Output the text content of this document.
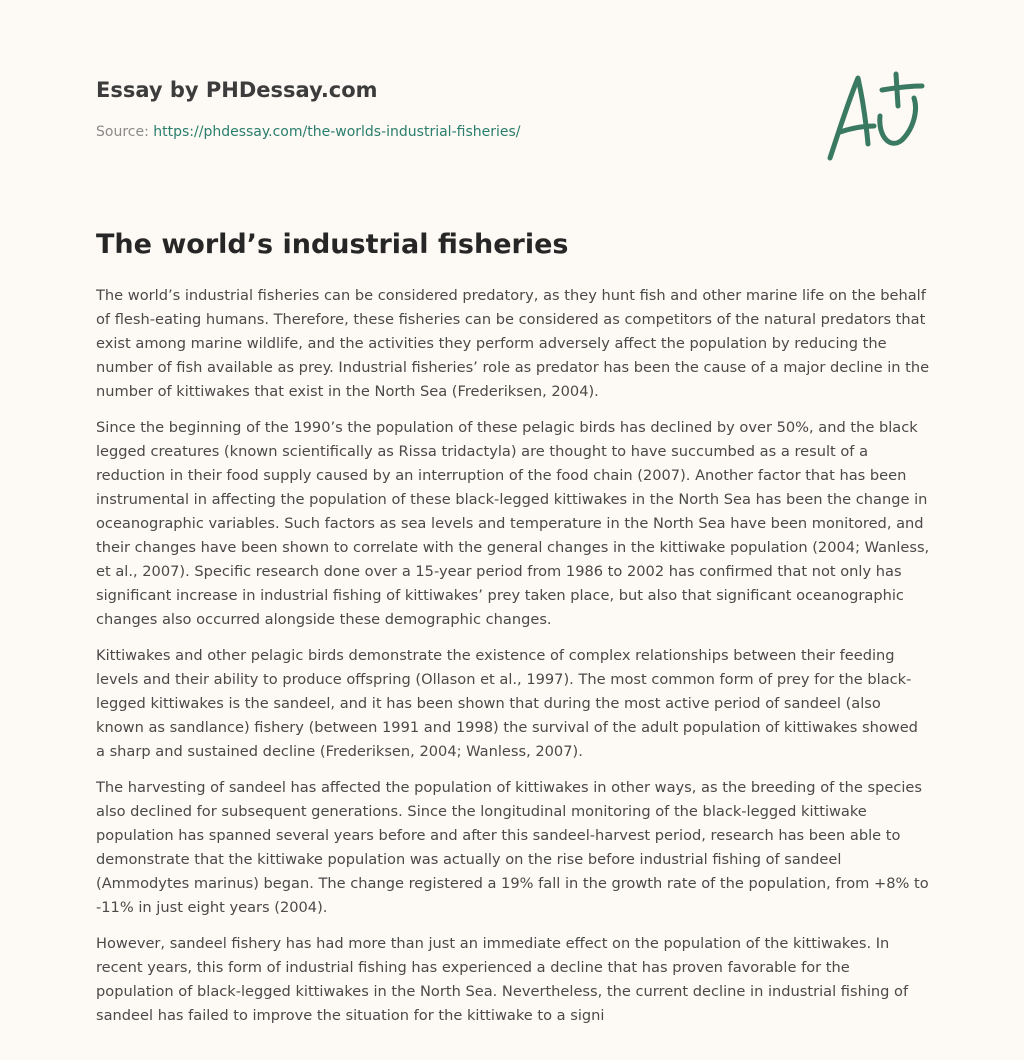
Essay by PHDessay.com
Source: https://phdessay.com/the-worlds-industrial-fisheries/
The world’s industrial fisheries

The world’s industrial fisheries can be considered predatory, as they hunt fish and other marine life on the behalf of flesh-eating humans. Therefore, these fisheries can be considered as competitors of the natural predators that exist among marine wildlife, and the activities they perform adversely affect the population by reducing the number of fish available as prey. Industrial fisheries’ role as predator has been the cause of a major decline in the number of kittiwakes that exist in the North Sea (Frederiksen, 2004).

Since the beginning of the 1990’s the population of these pelagic birds has declined by over 50%, and the black legged creatures (known scientifically as Rissa tridactyla) are thought to have succumbed as a result of a reduction in their food supply caused by an interruption of the food chain (2007). Another factor that has been instrumental in affecting the population of these black-legged kittiwakes in the North Sea has been the change in oceanographic variables. Such factors as sea levels and temperature in the North Sea have been monitored, and their changes have been shown to correlate with the general changes in the kittiwake population (2004; Wanless, et al., 2007). Specific research done over a 15-year period from 1986 to 2002 has confirmed that not only has significant increase in industrial fishing of kittiwakes’ prey taken place, but also that significant oceanographic changes also occurred alongside these demographic changes.

Kittiwakes and other pelagic birds demonstrate the existence of complex relationships between their feeding levels and their ability to produce offspring (Ollason et al., 1997). The most common form of prey for the black-legged kittiwakes is the sandeel, and it has been shown that during the most active period of sandeel (also known as sandlance) fishery (between 1991 and 1998) the survival of the adult population of kittiwakes showed a sharp and sustained decline (Frederiksen, 2004; Wanless, 2007).

The harvesting of sandeel has affected the population of kittiwakes in other ways, as the breeding of the species also declined for subsequent generations. Since the longitudinal monitoring of the black-legged kittiwake population has spanned several years before and after this sandeel-harvest period, research has been able to demonstrate that the kittiwake population was actually on the rise before industrial fishing of sandeel (Ammodytes marinus) began. The change registered a 19% fall in the growth rate of the population, from +8% to -11% in just eight years (2004).

However, sandeel fishery has had more than just an immediate effect on the population of the kittiwakes. In recent years, this form of industrial fishing has experienced a decline that has proven favorable for the population of black-legged kittiwakes in the North Sea. Nevertheless, the current decline in industrial fishing of sandeel has failed to improve the situation for the kittiwake to a signi
